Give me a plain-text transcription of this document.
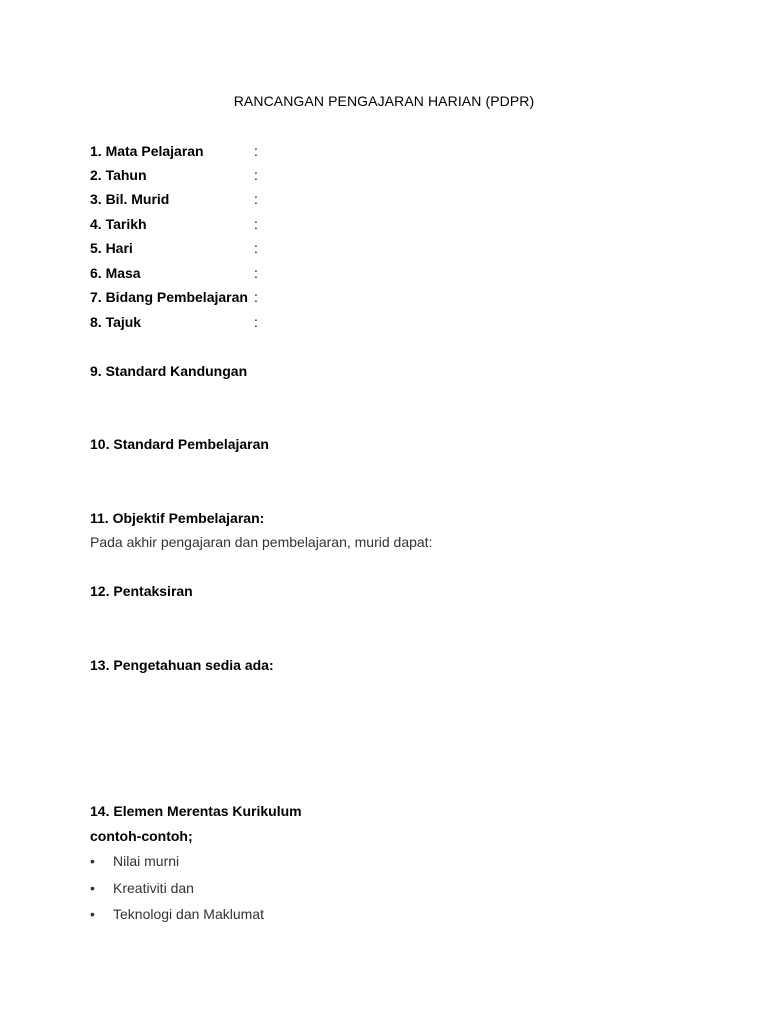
RANCANGAN PENGAJARAN HARIAN (PDPR)
1. Mata Pelajaran	:
2. Tahun	:
3. Bil. Murid	:
4. Tarikh	:
5. Hari	:
6. Masa	:
7. Bidang Pembelajaran :
8. Tajuk	:
9. Standard Kandungan
10. Standard Pembelajaran
11. Objektif Pembelajaran:
Pada akhir pengajaran dan pembelajaran, murid dapat:
12. Pentaksiran
13. Pengetahuan sedia ada:
14. Elemen Merentas Kurikulum
contoh-contoh;
•	Nilai murni
•	Kreativiti dan
•	Teknologi dan Maklumat
